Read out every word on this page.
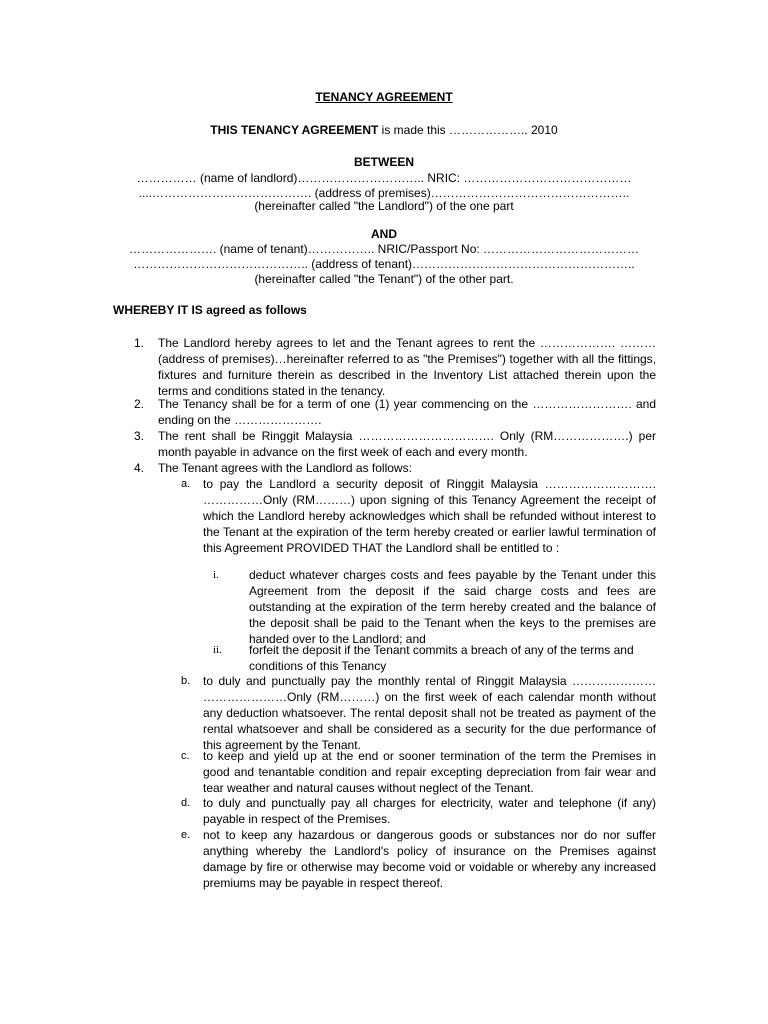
TENANCY AGREEMENT
THIS TENANCY AGREEMENT is made this ……………….. 2010
BETWEEN
…………… (name of landlord)………………………….. NRIC: ……………………………………
....…………………………………. (address of premises)…………………………………………..
(hereinafter called "the Landlord") of the one part
AND
…………………. (name of tenant)…………….. NRIC/Passport No: …………………………………
…………………………………….. (address of tenant)………………………………………………..
(hereinafter called "the Tenant") of the other part.
WHEREBY IT IS agreed as follows
1.	The Landlord hereby agrees to let and the Tenant agrees to rent the ………………. ………(address of premises)…hereinafter referred to as "the Premises") together with all the fittings, fixtures and furniture therein as described in the Inventory List attached therein upon the terms and conditions stated in the tenancy.
2.	The Tenancy shall be for a term of one (1) year commencing on the ……………………. and ending on the ………………….
3.	The rent shall be Ringgit Malaysia ……………………………. Only (RM……………….) per month payable in advance on the first week of each and every month.
4.	The Tenant agrees with the Landlord as follows:
a.	to pay the Landlord a security deposit of Ringgit Malaysia ………………………. ……………Only (RM………) upon signing of this Tenancy Agreement the receipt of which the Landlord hereby acknowledges which shall be refunded without interest to the Tenant at the expiration of the term hereby created or earlier lawful termination of this Agreement PROVIDED THAT the Landlord shall be entitled to :
i.	deduct whatever charges costs and fees payable by the Tenant under this Agreement from the deposit if the said charge costs and fees are outstanding at the expiration of the term hereby created and the balance of the deposit shall be paid to the Tenant when the keys to the premises are handed over to the Landlord; and
ii.	forfeit the deposit if the Tenant commits a breach of any of the terms and conditions of this Tenancy
b.	to duly and punctually pay the monthly rental of Ringgit Malaysia ………………… …………………Only (RM………) on the first week of each calendar month without any deduction whatsoever. The rental deposit shall not be treated as payment of the rental whatsoever and shall be considered as a security for the due performance of this agreement by the Tenant.
c.	to keep and yield up at the end or sooner termination of the term the Premises in good and tenantable condition and repair excepting depreciation from fair wear and tear weather and natural causes without neglect of the Tenant.
d.	to duly and punctually pay all charges for electricity, water and telephone (if any) payable in respect of the Premises.
e.	not to keep any hazardous or dangerous goods or substances nor do nor suffer anything whereby the Landlord's policy of insurance on the Premises against damage by fire or otherwise may become void or voidable or whereby any increased premiums may be payable in respect thereof.
